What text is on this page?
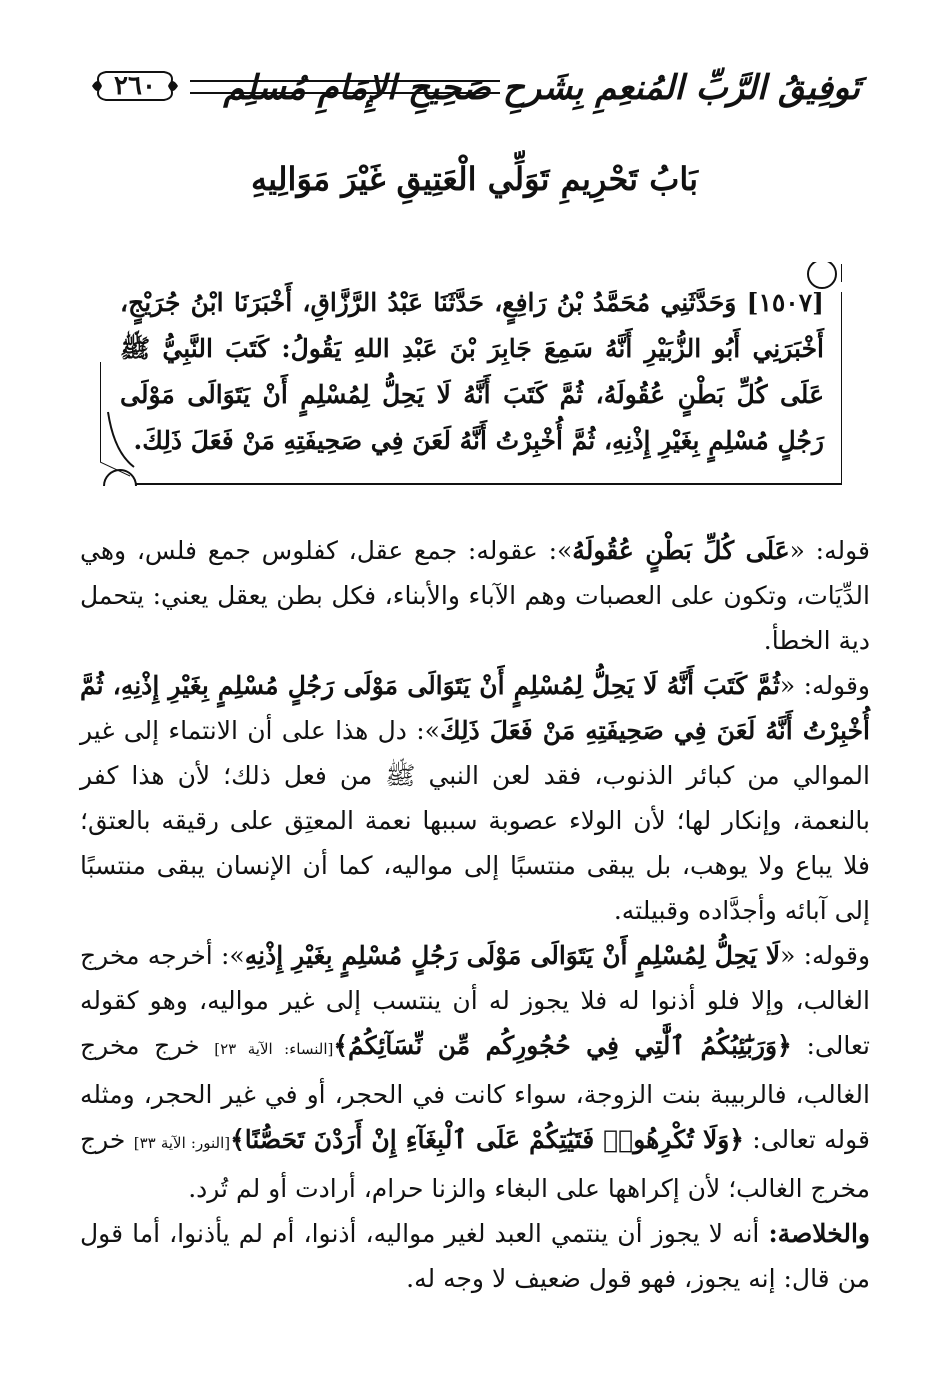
٢٦٠	تَوفِيقُ الرَّبِّ المُنعِمِ بِشَرحِ صَحِيحِ الإِمَامِ مُسلِم
بَابُ تَحْرِيمِ تَوَلِّي الْعَتِيقِ غَيْرَ مَوَالِيهِ
[١٥٠٧] وَحَدَّثَنِي مُحَمَّدُ بْنُ رَافِعٍ، حَدَّثَنَا عَبْدُ الرَّزَّاقِ، أَخْبَرَنَا ابْنُ جُرَيْجٍ، أَخْبَرَنِي أَبُو الزُّبَيْرِ أَنَّهُ سَمِعَ جَابِرَ بْنَ عَبْدِ اللهِ يَقُولُ: كَتَبَ النَّبِيُّ ﷺ عَلَى كُلِّ بَطْنٍ عُقُولَهُ، ثُمَّ كَتَبَ أَنَّهُ لَا يَحِلُّ لِمُسْلِمٍ أَنْ يَتَوَالَى مَوْلَى رَجُلٍ مُسْلِمٍ بِغَيْرِ إِذْنِهِ، ثُمَّ أُخْبِرْتُ أَنَّهُ لَعَنَ فِي صَحِيفَتِهِ مَنْ فَعَلَ ذَلِكَ.

قوله: «عَلَى كُلِّ بَطْنٍ عُقُولَهُ»: عقوله: جمع عقل، كفلوس جمع فلس، وهي الدِّيَات، وتكون على العصبات وهم الآباء والأبناء، فكل بطن يعقل يعني: يتحمل دية الخطأ.

وقوله: «ثُمَّ كَتَبَ أَنَّهُ لَا يَحِلُّ لِمُسْلِمٍ أَنْ يَتَوَالَى مَوْلَى رَجُلٍ مُسْلِمٍ بِغَيْرِ إِذْنِهِ، ثُمَّ أُخْبِرْتُ أَنَّهُ لَعَنَ فِي صَحِيفَتِهِ مَنْ فَعَلَ ذَلِكَ»: دل هذا على أن الانتماء إلى غير الموالي من كبائر الذنوب، فقد لعن النبي ﷺ من فعل ذلك؛ لأن هذا كفر بالنعمة، وإنكار لها؛ لأن الولاء عصوبة سببها نعمة المعتِق على رقيقه بالعتق؛ فلا يباع ولا يوهب، بل يبقى منتسبًا إلى مواليه، كما أن الإنسان يبقى منتسبًا إلى آبائه وأجدَّاده وقبيلته.

وقوله: «لَا يَحِلُّ لِمُسْلِمٍ أَنْ يَتَوَالَى مَوْلَى رَجُلٍ مُسْلِمٍ بِغَيْرِ إِذْنِهِ»: أخرجه مخرج الغالب، وإلا فلو أذنوا له فلا يجوز له أن ينتسب إلى غير مواليه، وهو كقوله تعالى: ﴿وَرَبَٰٓئِبُكُمُ ٱلَّٰتِي فِي حُجُورِكُم مِّن نِّسَآئِكُمُ﴾[النساء: الآية ٢٣] خرج مخرج الغالب، فالربيبة بنت الزوجة، سواء كانت في الحجر، أو في غير الحجر، ومثله قوله تعالى: ﴿وَلَا تُكْرِهُوا۟ فَتَيَٰتِكُمْ عَلَى ٱلْبِغَآءِ إِنْ أَرَدْنَ تَحَصُّنًا﴾[النور: الآية ٣٣] خرج مخرج الغالب؛ لأن إكراهها على البغاء والزنا حرام، أرادت أو لم تُرد.

والخلاصة: أنه لا يجوز أن ينتمي العبد لغير مواليه، أذنوا، أم لم يأذنوا، أما قول من قال: إنه يجوز، فهو قول ضعيف لا وجه له.
